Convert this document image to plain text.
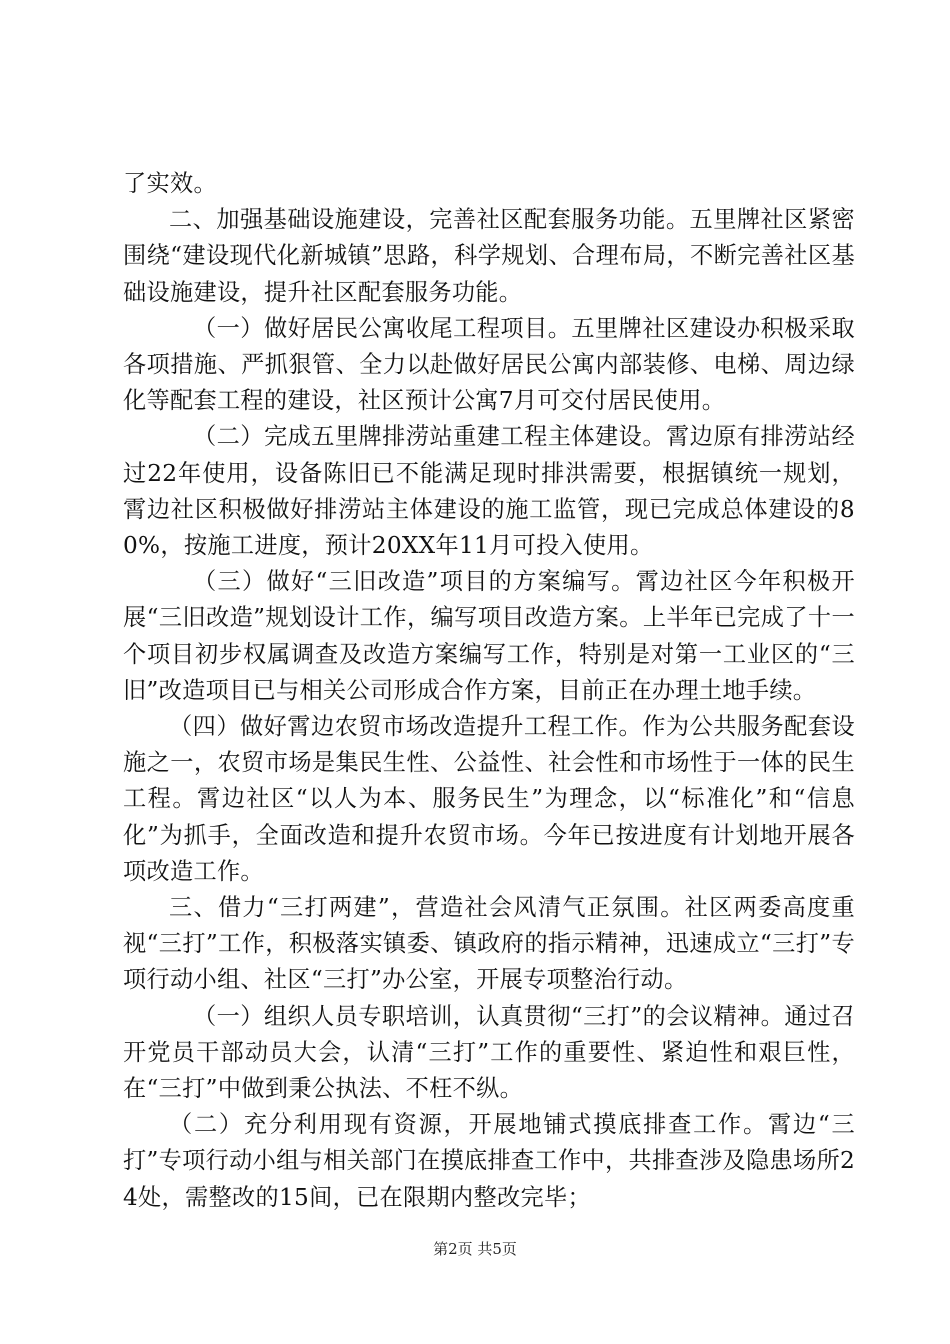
了实效。

二、加强基础设施建设，完善社区配套服务功能。五里牌社区紧密围绕“建设现代化新城镇”思路，科学规划、合理布局，不断完善社区基础设施建设，提升社区配套服务功能。

（一）做好居民公寓收尾工程项目。五里牌社区建设办积极采取各项措施、严抓狠管、全力以赴做好居民公寓内部装修、电梯、周边绿化等配套工程的建设，社区预计公寓7月可交付居民使用。

（二）完成五里牌排涝站重建工程主体建设。霄边原有排涝站经过22年使用，设备陈旧已不能满足现时排洪需要，根据镇统一规划，霄边社区积极做好排涝站主体建设的施工监管，现已完成总体建设的80%，按施工进度，预计20XX年11月可投入使用。

（三）做好“三旧改造”项目的方案编写。霄边社区今年积极开展“三旧改造”规划设计工作，编写项目改造方案。上半年已完成了十一个项目初步权属调查及改造方案编写工作，特别是对第一工业区的“三旧”改造项目已与相关公司形成合作方案，目前正在办理土地手续。

（四）做好霄边农贸市场改造提升工程工作。作为公共服务配套设施之一，农贸市场是集民生性、公益性、社会性和市场性于一体的民生工程。霄边社区“以人为本、服务民生”为理念，以“标准化”和“信息化”为抓手，全面改造和提升农贸市场。今年已按进度有计划地开展各项改造工作。

三、借力“三打两建”，营造社会风清气正氛围。社区两委高度重视“三打”工作，积极落实镇委、镇政府的指示精神，迅速成立“三打”专项行动小组、社区“三打”办公室，开展专项整治行动。

（一）组织人员专职培训，认真贯彻“三打”的会议精神。通过召开党员干部动员大会，认清“三打”工作的重要性、紧迫性和艰巨性，在“三打”中做到秉公执法、不枉不纵。

（二）充分利用现有资源，开展地铺式摸底排查工作。霄边“三打”专项行动小组与相关部门在摸底排查工作中，共排查涉及隐患场所24处，需整改的15间，已在限期内整改完毕；

第2页 共5页
